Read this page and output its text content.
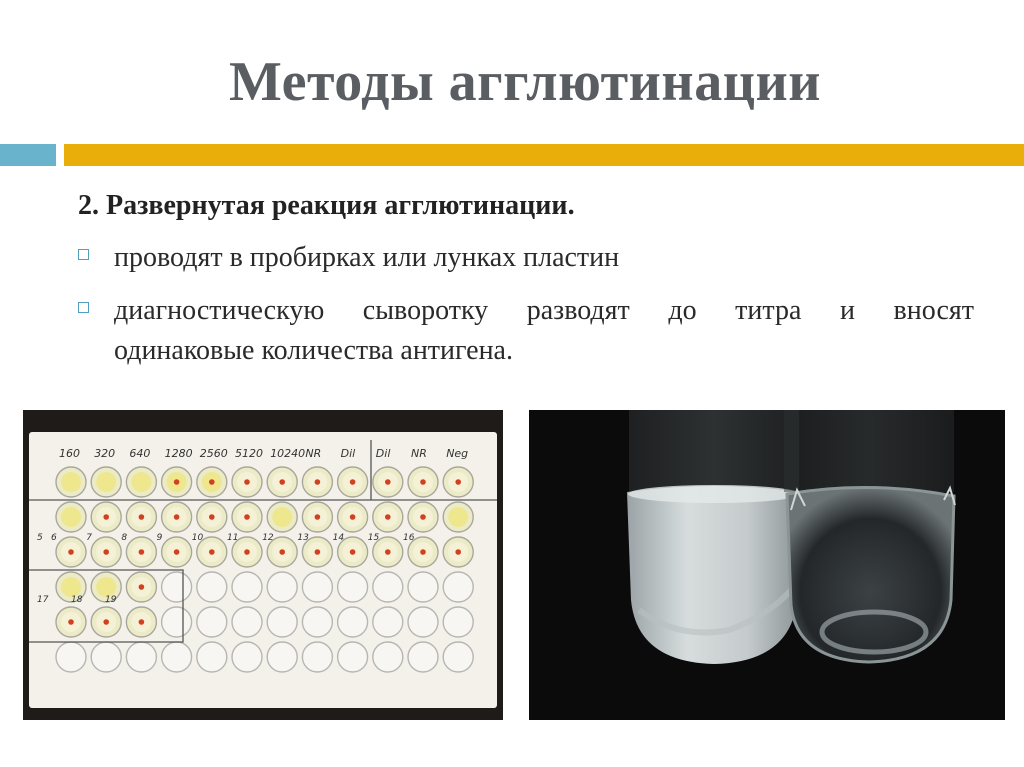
Методы агглютинации
2. Развернутая реакция агглютинации.
проводят в пробирках или лунках пластин
диагностическую сыворотку разводят до титра и вносят
одинаковые количества антигена.
160 320 640 1280 2560 5120 10240 NR Dil Dil NR Neg
5 6	7	8	9	10	11	12	13	14	15	16
17	18	19
